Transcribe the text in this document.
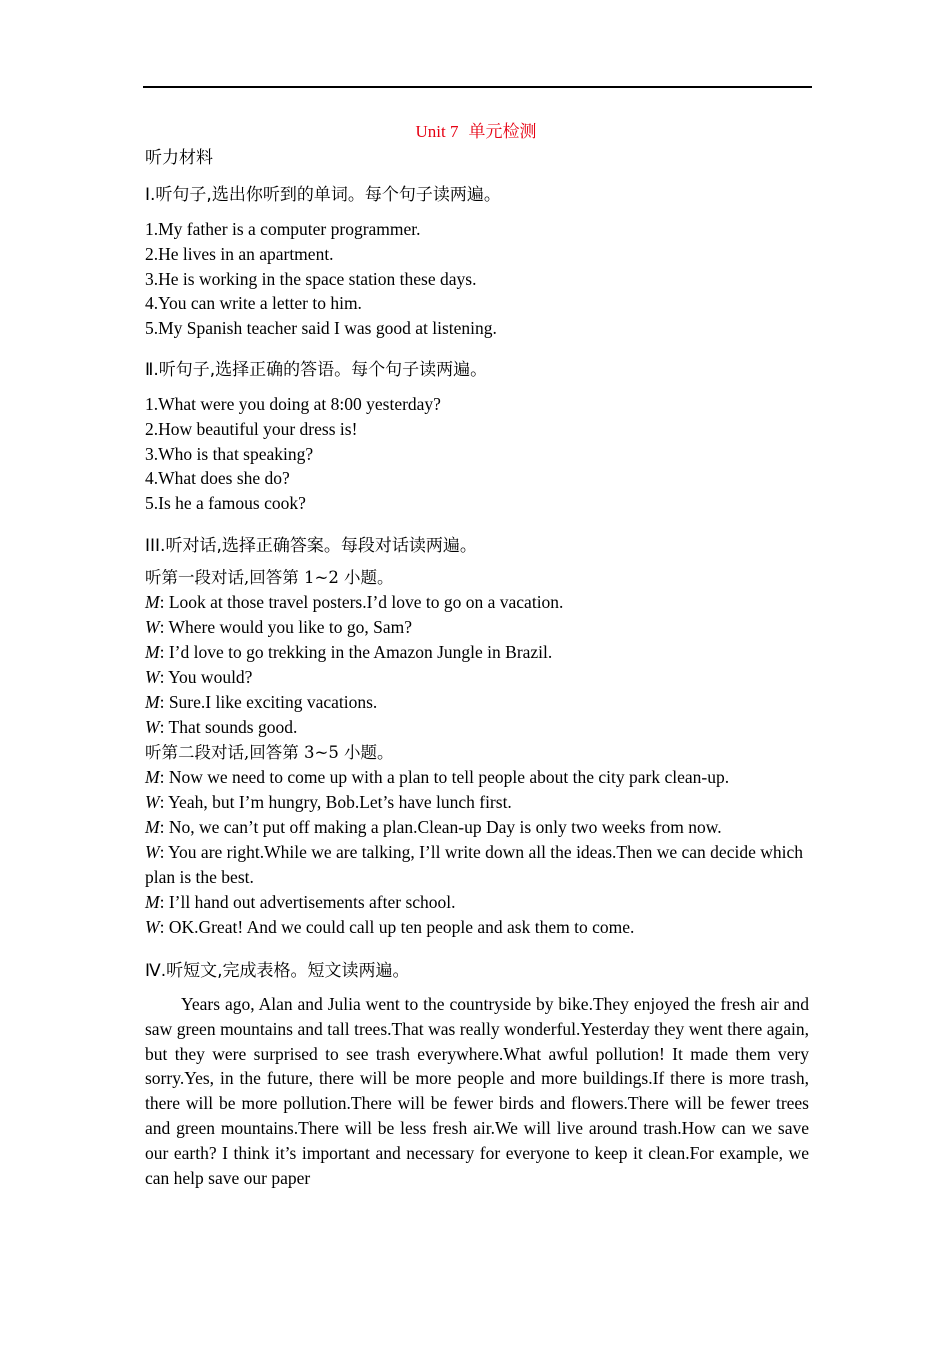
Unit 7 单元检测
听力材料
Ⅰ.听句子,选出你听到的单词。每个句子读两遍。
1.My father is a computer programmer.
2.He lives in an apartment.
3.He is working in the space station these days.
4.You can write a letter to him.
5.My Spanish teacher said I was good at listening.
Ⅱ.听句子,选择正确的答语。每个句子读两遍。
1.What were you doing at 8:00 yesterday?
2.How beautiful your dress is!
3.Who is that speaking?
4.What does she do?
5.Is he a famous cook?
III.听对话,选择正确答案。每段对话读两遍。
听第一段对话,回答第 1~2 小题。
M: Look at those travel posters.I’d love to go on a vacation.
W: Where would you like to go, Sam?
M: I’d love to go trekking in the Amazon Jungle in Brazil.
W: You would?
M: Sure.I like exciting vacations.
W: That sounds good.
听第二段对话,回答第 3~5 小题。
M: Now we need to come up with a plan to tell people about the city park clean-up.
W: Yeah, but I’m hungry, Bob.Let’s have lunch first.
M: No, we can’t put off making a plan.Clean-up Day is only two weeks from now.
W: You are right.While we are talking, I’ll write down all the ideas.Then we can decide which plan is the best.
M: I’ll hand out advertisements after school.
W: OK.Great! And we could call up ten people and ask them to come.
Ⅳ.听短文,完成表格。短文读两遍。
Years ago, Alan and Julia went to the countryside by bike.They enjoyed the fresh air and saw green mountains and tall trees.That was really wonderful.Yesterday they went there again, but they were surprised to see trash everywhere.What awful pollution! It made them very sorry.Yes, in the future, there will be more people and more buildings.If there is more trash, there will be more pollution.There will be fewer birds and flowers.There will be fewer trees and green mountains.There will be less fresh air.We will live around trash.How can we save our earth? I think it’s important and necessary for everyone to keep it clean.For example, we can help save our paper
